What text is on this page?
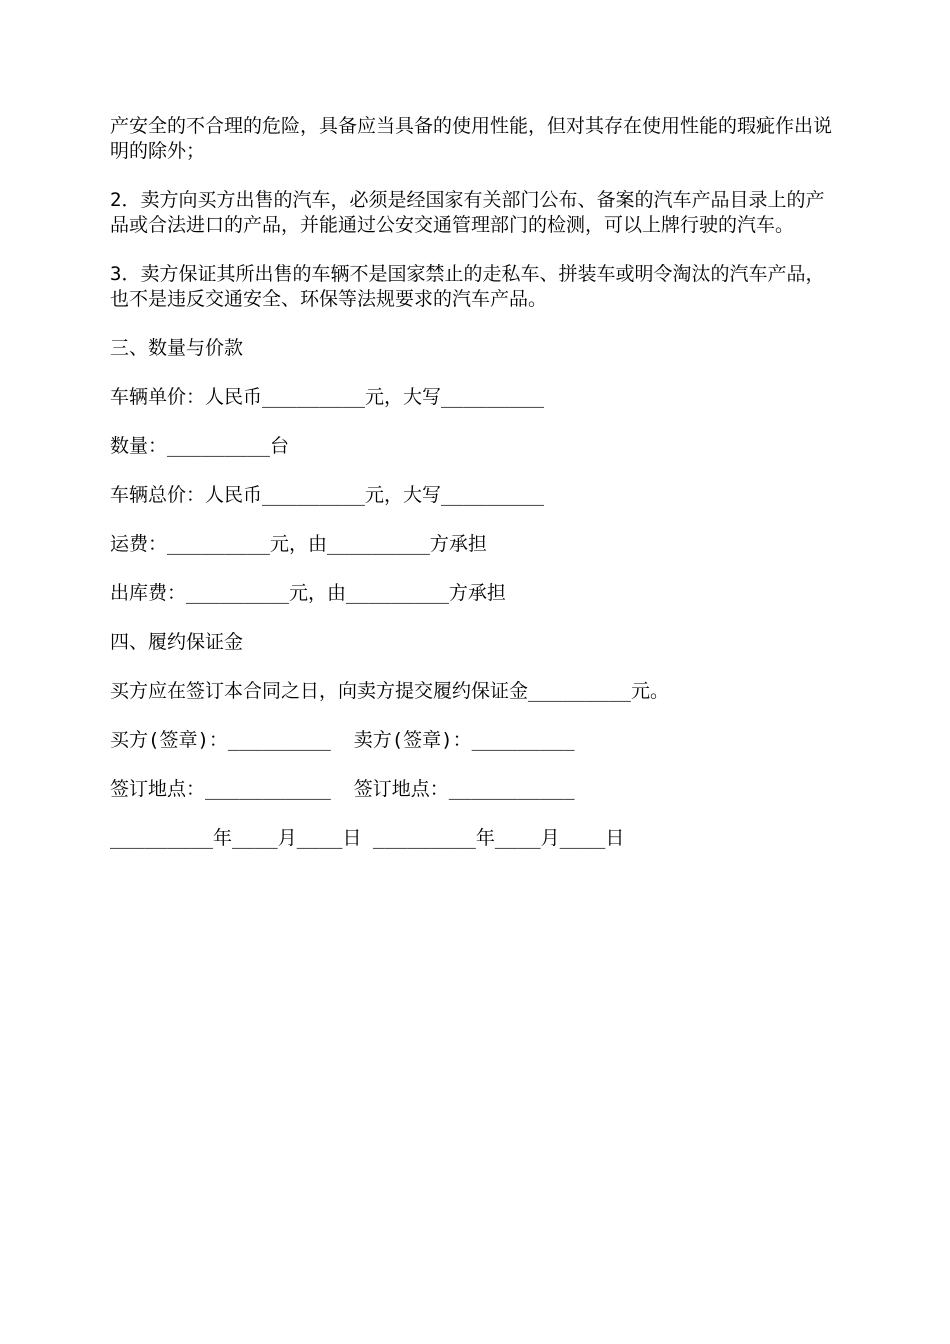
产安全的不合理的危险，具备应当具备的使用性能，但对其存在使用性能的瑕疵作出说明的除外；

2．卖方向买方出售的汽车，必须是经国家有关部门公布、备案的汽车产品目录上的产品或合法进口的产品，并能通过公安交通管理部门的检测，可以上牌行驶的汽车。

3．卖方保证其所出售的车辆不是国家禁止的走私车、拼装车或明令淘汰的汽车产品，也不是违反交通安全、环保等法规要求的汽车产品。

三、数量与价款

车辆单价：人民币_________元，大写_________

数量：_________台

车辆总价：人民币_________元，大写_________

运费：_________元，由_________方承担

出库费：_________元，由_________方承担

四、履约保证金

买方应在签订本合同之日，向卖方提交履约保证金_________元。

买方(签章)：_________  卖方(签章)：_________

签订地点：___________  签订地点：___________

_________年____月____日 _________年____月____日
